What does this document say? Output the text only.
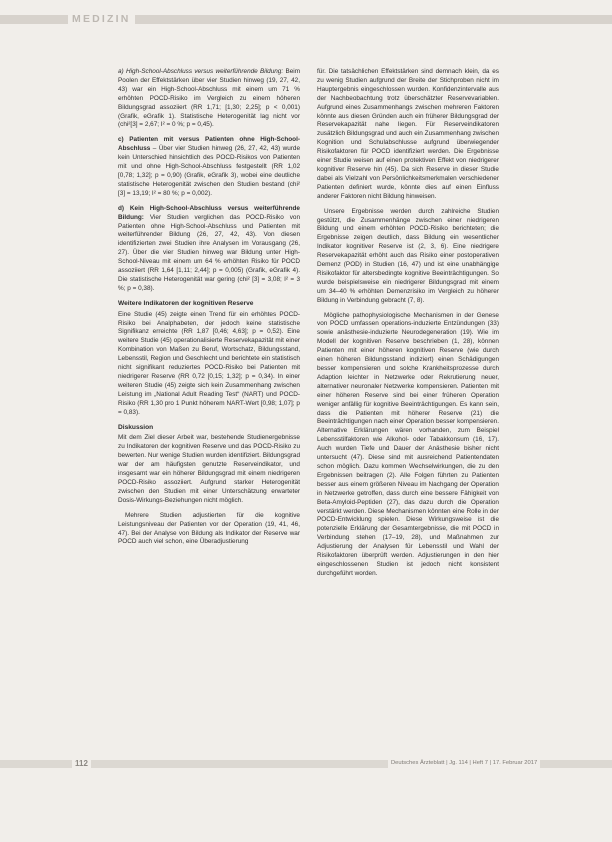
MEDIZIN

a) High-School-Abschluss versus weiterführende Bildung: Beim Poolen der Effektstärken über vier Studien hinweg (19, 27, 42, 43) war ein High-School-Abschluss mit einem um 71 % erhöhten POCD-Risiko im Vergleich zu einem höheren Bildungsgrad assoziiert (RR 1,71; [1,30; 2,25]; p < 0,001) (Grafik, eGrafik 1). Statistische Heterogenität lag nicht vor (chi²[3] = 2,67; I² = 0 %; p = 0,45).

c) Patienten mit versus Patienten ohne High-School-Abschluss – Über vier Studien hinweg (26, 27, 42, 43) wurde kein Unterschied hinsichtlich des POCD-Risikos von Patienten mit und ohne High-School-Abschluss festgestellt (RR 1,02 [0,78; 1,32]; p = 0,90) (Grafik, eGrafik 3), wobei eine deutliche statistische Heterogenität zwischen den Studien bestand (chi² [3] = 13,19; I² = 80 %; p = 0,002).

d) Kein High-School-Abschluss versus weiterführende Bildung: Vier Studien verglichen das POCD-Risiko von Patienten ohne High-School-Abschluss und Patienten mit weiterführender Bildung (26, 27, 42, 43). Von diesen identifizierten zwei Studien ihre Analysen im Vorausgang (26, 27). Über die vier Studien hinweg war Bildung unter High-School-Niveau mit einem um 64 % erhöhten Risiko für POCD assoziiert (RR 1,64 [1,11; 2,44]; p = 0,005) (Grafik, eGrafik 4). Die statistische Heterogenität war gering (chi² [3] = 3,08; I² = 3 %; p = 0,38).

Weitere Indikatoren der kognitiven Reserve

Eine Studie (45) zeigte einen Trend für ein erhöhtes POCD-Risiko bei Analphabeten, der jedoch keine statistische Signifikanz erreichte (RR 1,87 [0,46; 4,63]; p = 0,52). Eine weitere Studie (45) operationalisierte Reservekapazität mit einer Kombination von Maßen zu Beruf, Wortschatz, Bildungsstand, Lebensstil, Region und Geschlecht und berichtete ein statistisch nicht signifikant reduziertes POCD-Risiko bei Patienten mit niedrigerer Reserve (RR 0,72 [0,15; 1,32]; p = 0,34). In einer weiteren Studie (45) zeigte sich kein Zusammenhang zwischen Leistung im „National Adult Reading Test“ (NART) und POCD-Risiko (RR 1,30 pro 1 Punkt höherem NART-Wert [0,98; 1,07]; p = 0,83).

Diskussion

Mit dem Ziel dieser Arbeit war, bestehende Studienergebnisse zu Indikatoren der kognitiven Reserve und das POCD-Risiko zu bewerten. Nur wenige Studien wurden identifiziert. Bildungsgrad war der am häufigsten genutzte Reserveindikator, und insgesamt war ein höherer Bildungsgrad mit einem niedrigeren POCD-Risiko assoziiert. Aufgrund starker Heterogenität zwischen den Studien mit einer Unterschätzung erwarteter Dosis-Wirkungs-Beziehungen nicht möglich.

Mehrere Studien adjustierten für die kognitive Leistungsniveau der Patienten vor der Operation (19, 41, 46, 47). Bei der Analyse von Bildung als Indikator der Reserve war POCD auch viel schon, eine Überadjustierung

für. Die tatsächlichen Effektstärken sind demnach klein, da es zu wenig Studien aufgrund der Breite der Stichproben nicht im Hauptergebnis eingeschlossen wurden. Konfidenzintervalle aus der Nachbeobachtung trotz überschätzter Reservevariablen. Aufgrund eines Zusammenhangs zwischen mehreren Faktoren könnte aus diesen Gründen auch ein früherer Bildungsgrad der Reservekapazität nahe liegen. Für Reserveindikatoren zusätzlich Bildungsgrad und auch ein Zusammenhang zwischen Kognition und Schulabschlusse aufgrund überwiegender Risikofaktoren für POCD identifiziert werden. Die Ergebnisse einer Studie weisen auf einen protektiven Effekt von niedrigerer kognitiver Reserve hin (45). Da sich Reserve in dieser Studie dabei als Vielzahl von Persönlichkeitsmerkmalen verschiedener Patienten definiert wurde, könnte dies auf einen Einfluss anderer Faktoren nicht Bildung hinweisen.

Unsere Ergebnisse werden durch zahlreiche Studien gestützt, die Zusammenhänge zwischen einer niedrigeren Bildung und einem erhöhten POCD-Risiko berichteten; die Ergebnisse zeigen deutlich, dass Bildung ein wesentlicher Indikator kognitiver Reserve ist (2, 3, 6). Eine niedrigere Reservekapazität erhöht auch das Risiko einer postoperativen Demenz (POD) in Studien (16, 47) und ist eine unabhängige Risikofaktor für altersbedingte kognitive Beeinträchtigungen. So wurde beispielsweise ein niedrigerer Bildungsgrad mit einem um 34–40 % erhöhten Demenzrisiko im Vergleich zu höherer Bildung in Verbindung gebracht (7, 8).

Mögliche pathophysiologische Mechanismen in der Genese von POCD umfassen operations-induzierte Entzündungen (33) sowie anästhesie-induzierte Neurodegeneration (19). Wie im Modell der kognitiven Reserve beschrieben (1, 28), können Patienten mit einer höheren kognitiven Reserve (wie durch einen höheren Bildungsstand indiziert) einen Schädigungen besser kompensieren und solche Krankheitsprozesse durch Adaption leichter in Netzwerke oder Rekrutierung neuer, alternativer neuronaler Netzwerke kompensieren. Patienten mit einer höheren Reserve sind bei einer früheren Operation weniger anfällig für kognitive Beeinträchtigungen. Es kann sein, dass die Patienten mit höherer Reserve (21) die Beeinträchtigungen nach einer Operation besser kompensieren. Alternative Erklärungen wären vorhanden, zum Beispiel Lebensstilfaktoren wie Alkohol- oder Tabakkonsum (16, 17). Auch wurden Tiefe und Dauer der Anästhesie bisher nicht untersucht (47). Diese sind mit ausreichend Patientendaten schon möglich. Dazu kommen Wechselwirkungen, die zu den Ergebnissen beitragen (2). Alle Folgen führten zu Patienten besser aus einem größeren Niveau im Nachgang der Operation in Netzwerke getroffen, dass durch eine bessere Fähigkeit von Beta-Amyloid-Peptiden (27), das dazu durch die Operation verstärkt werden. Diese Mechanismen könnten eine Rolle in der POCD-Entwicklung spielen. Diese Wirkungsweise ist die potenzielle Erklärung der Gesamtergebnisse, die mit POCD in Verbindung stehen (17–19, 28), und Maßnahmen zur Adjustierung der Analysen für Lebensstil und Wahl der Risikofaktoren überprüft werden. Adjustierungen in den hier eingeschlossenen Studien ist jedoch nicht konsistent durchgeführt worden.

112	Deutsches Ärzteblatt | Jg. 114 | Heft 7 | 17. Februar 2017
